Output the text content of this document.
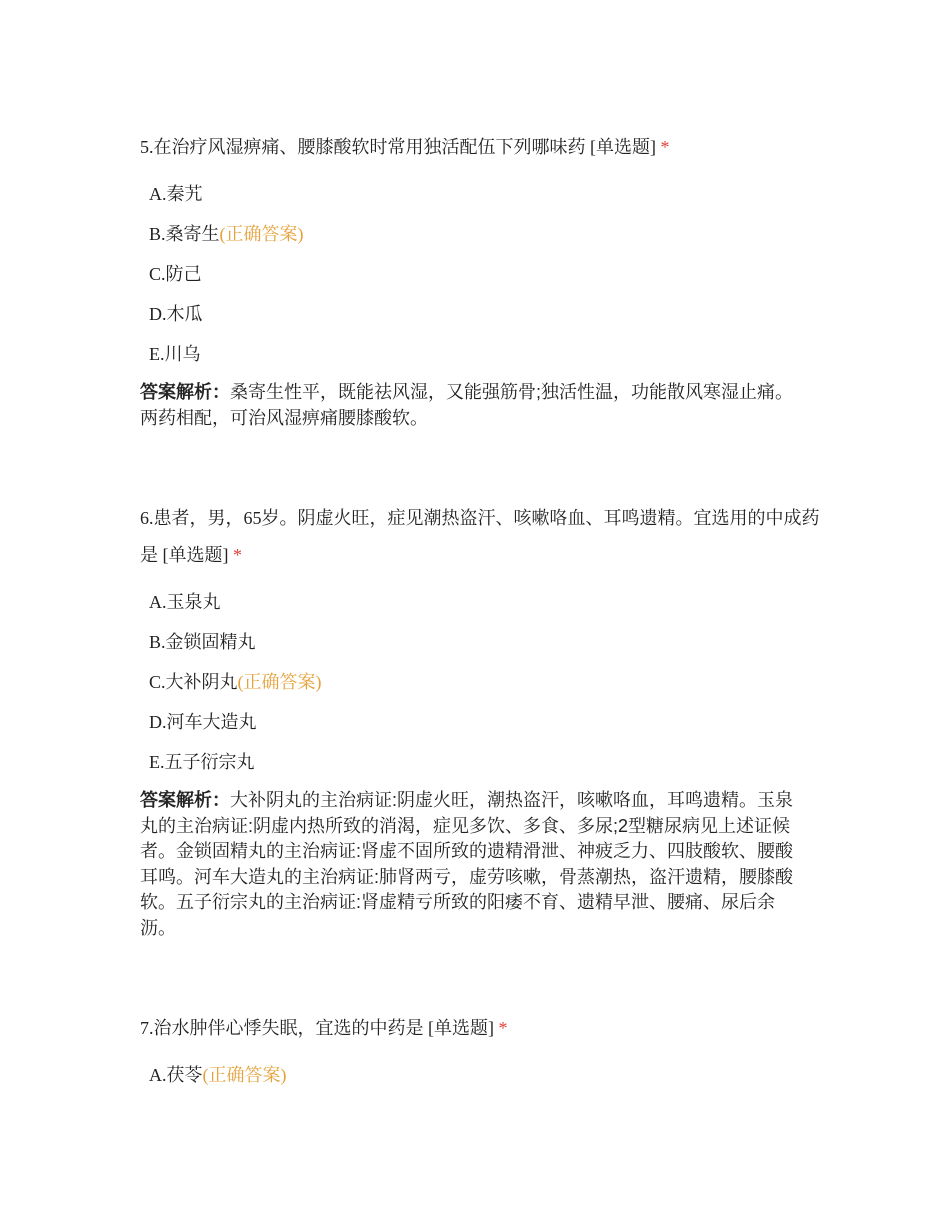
5.在治疗风湿痹痛、腰膝酸软时常用独活配伍下列哪味药 [单选题] *

A.秦艽
B.桑寄生(正确答案)
C.防己
D.木瓜
E.川乌
答案解析：桑寄生性平，既能祛风湿，又能强筋骨;独活性温，功能散风寒湿止痛。两药相配，可治风湿痹痛腰膝酸软。

6.患者，男，65岁。阴虚火旺，症见潮热盗汗、咳嗽咯血、耳鸣遗精。宜选用的中成药是 [单选题] *

A.玉泉丸
B.金锁固精丸
C.大补阴丸(正确答案)
D.河车大造丸
E.五子衍宗丸
答案解析：大补阴丸的主治病证:阴虚火旺，潮热盗汗，咳嗽咯血，耳鸣遗精。玉泉丸的主治病证:阴虚内热所致的消渴，症见多饮、多食、多尿;2型糖尿病见上述证候者。金锁固精丸的主治病证:肾虚不固所致的遗精滑泄、神疲乏力、四肢酸软、腰酸耳鸣。河车大造丸的主治病证:肺肾两亏，虚劳咳嗽，骨蒸潮热，盗汗遗精，腰膝酸软。五子衍宗丸的主治病证:肾虚精亏所致的阳痿不育、遗精早泄、腰痛、尿后余沥。

7.治水肿伴心悸失眠，宜选的中药是 [单选题] *

A.茯苓(正确答案)
